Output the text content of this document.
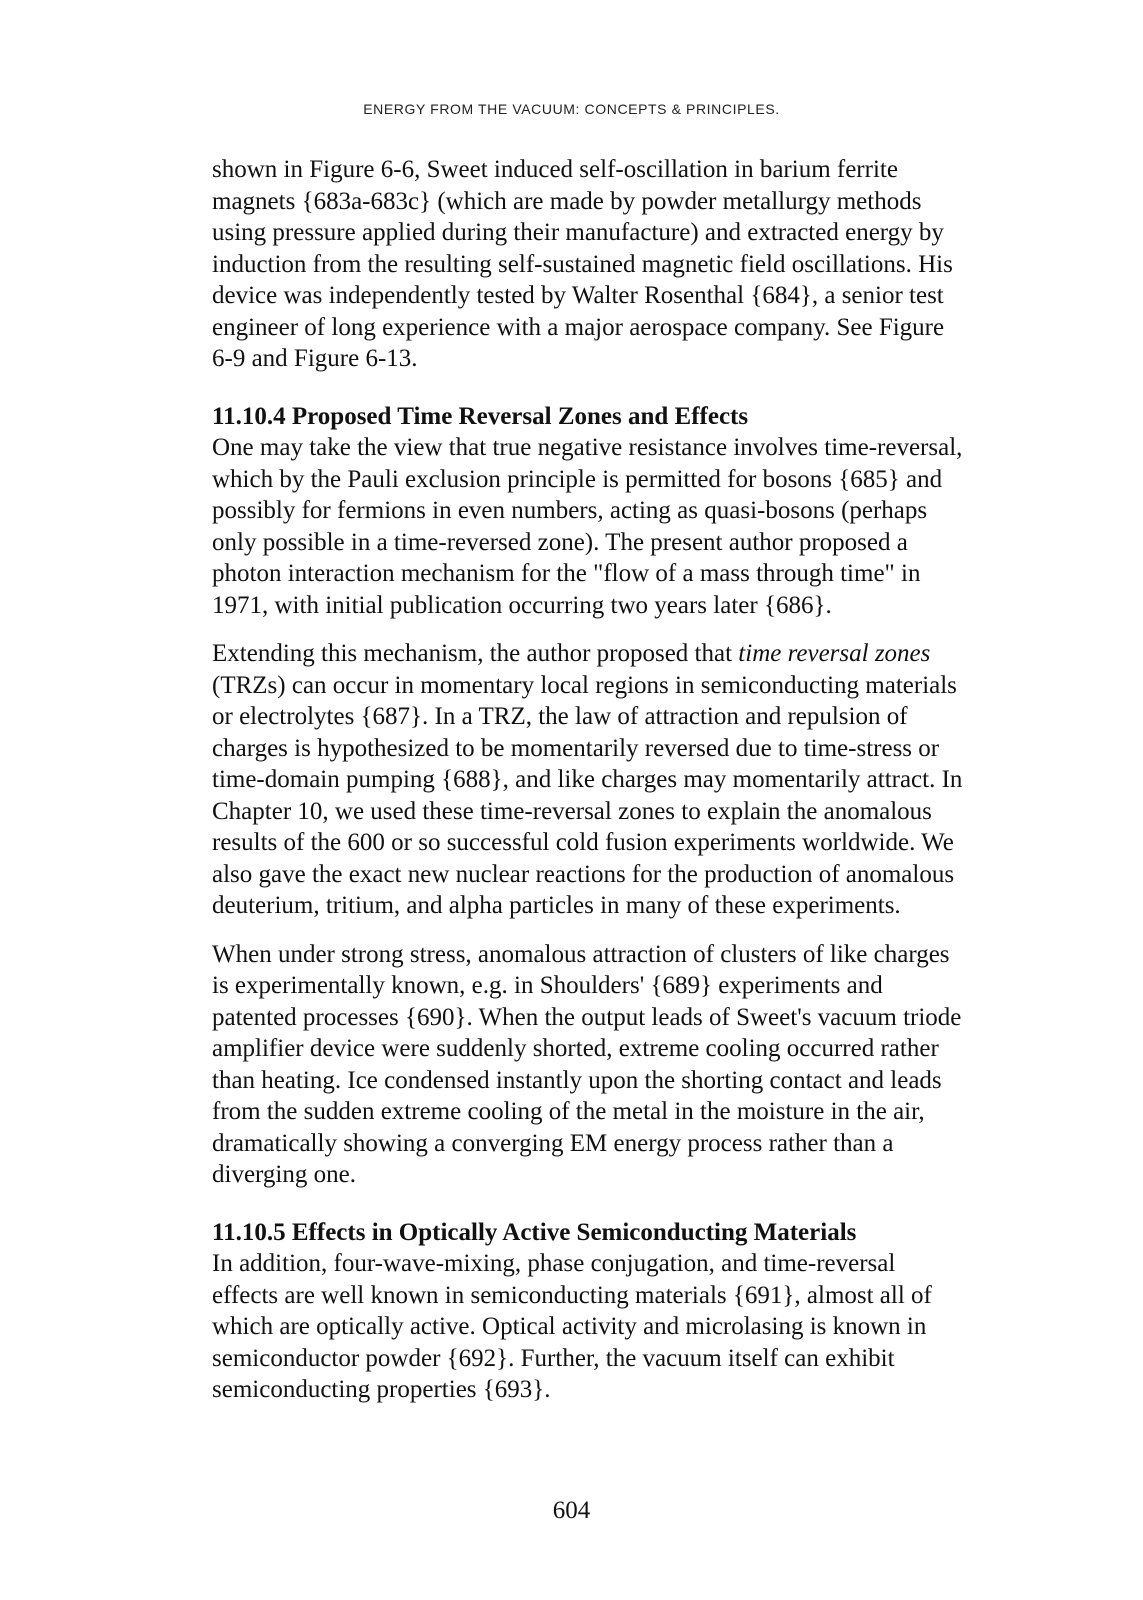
ENERGY FROM THE VACUUM: CONCEPTS & PRINCIPLES.

shown in Figure 6-6, Sweet induced self-oscillation in barium ferrite
magnets {683a-683c} (which are made by powder metallurgy methods
using pressure applied during their manufacture) and extracted energy by
induction from the resulting self-sustained magnetic field oscillations. His
device was independently tested by Walter Rosenthal {684}, a senior test
engineer of long experience with a major aerospace company. See Figure
6-9 and Figure 6-13.

11.10.4 Proposed Time Reversal Zones and Effects

One may take the view that true negative resistance involves time-reversal,
which by the Pauli exclusion principle is permitted for bosons {685} and
possibly for fermions in even numbers, acting as quasi-bosons (perhaps
only possible in a time-reversed zone). The present author proposed a
photon interaction mechanism for the "flow of a mass through time" in
1971, with initial publication occurring two years later {686}.

Extending this mechanism, the author proposed that time reversal zones
(TRZs) can occur in momentary local regions in semiconducting materials
or electrolytes {687}. In a TRZ, the law of attraction and repulsion of
charges is hypothesized to be momentarily reversed due to time-stress or
time-domain pumping {688}, and like charges may momentarily attract. In
Chapter 10, we used these time-reversal zones to explain the anomalous
results of the 600 or so successful cold fusion experiments worldwide. We
also gave the exact new nuclear reactions for the production of anomalous
deuterium, tritium, and alpha particles in many of these experiments.

When under strong stress, anomalous attraction of clusters of like charges
is experimentally known, e.g. in Shoulders' {689} experiments and
patented processes {690}. When the output leads of Sweet's vacuum triode
amplifier device were suddenly shorted, extreme cooling occurred rather
than heating. Ice condensed instantly upon the shorting contact and leads
from the sudden extreme cooling of the metal in the moisture in the air,
dramatically showing a converging EM energy process rather than a
diverging one.

11.10.5 Effects in Optically Active Semiconducting Materials

In addition, four-wave-mixing, phase conjugation, and time-reversal
effects are well known in semiconducting materials {691}, almost all of
which are optically active. Optical activity and microlasing is known in
semiconductor powder {692}. Further, the vacuum itself can exhibit
semiconducting properties {693}.

604
